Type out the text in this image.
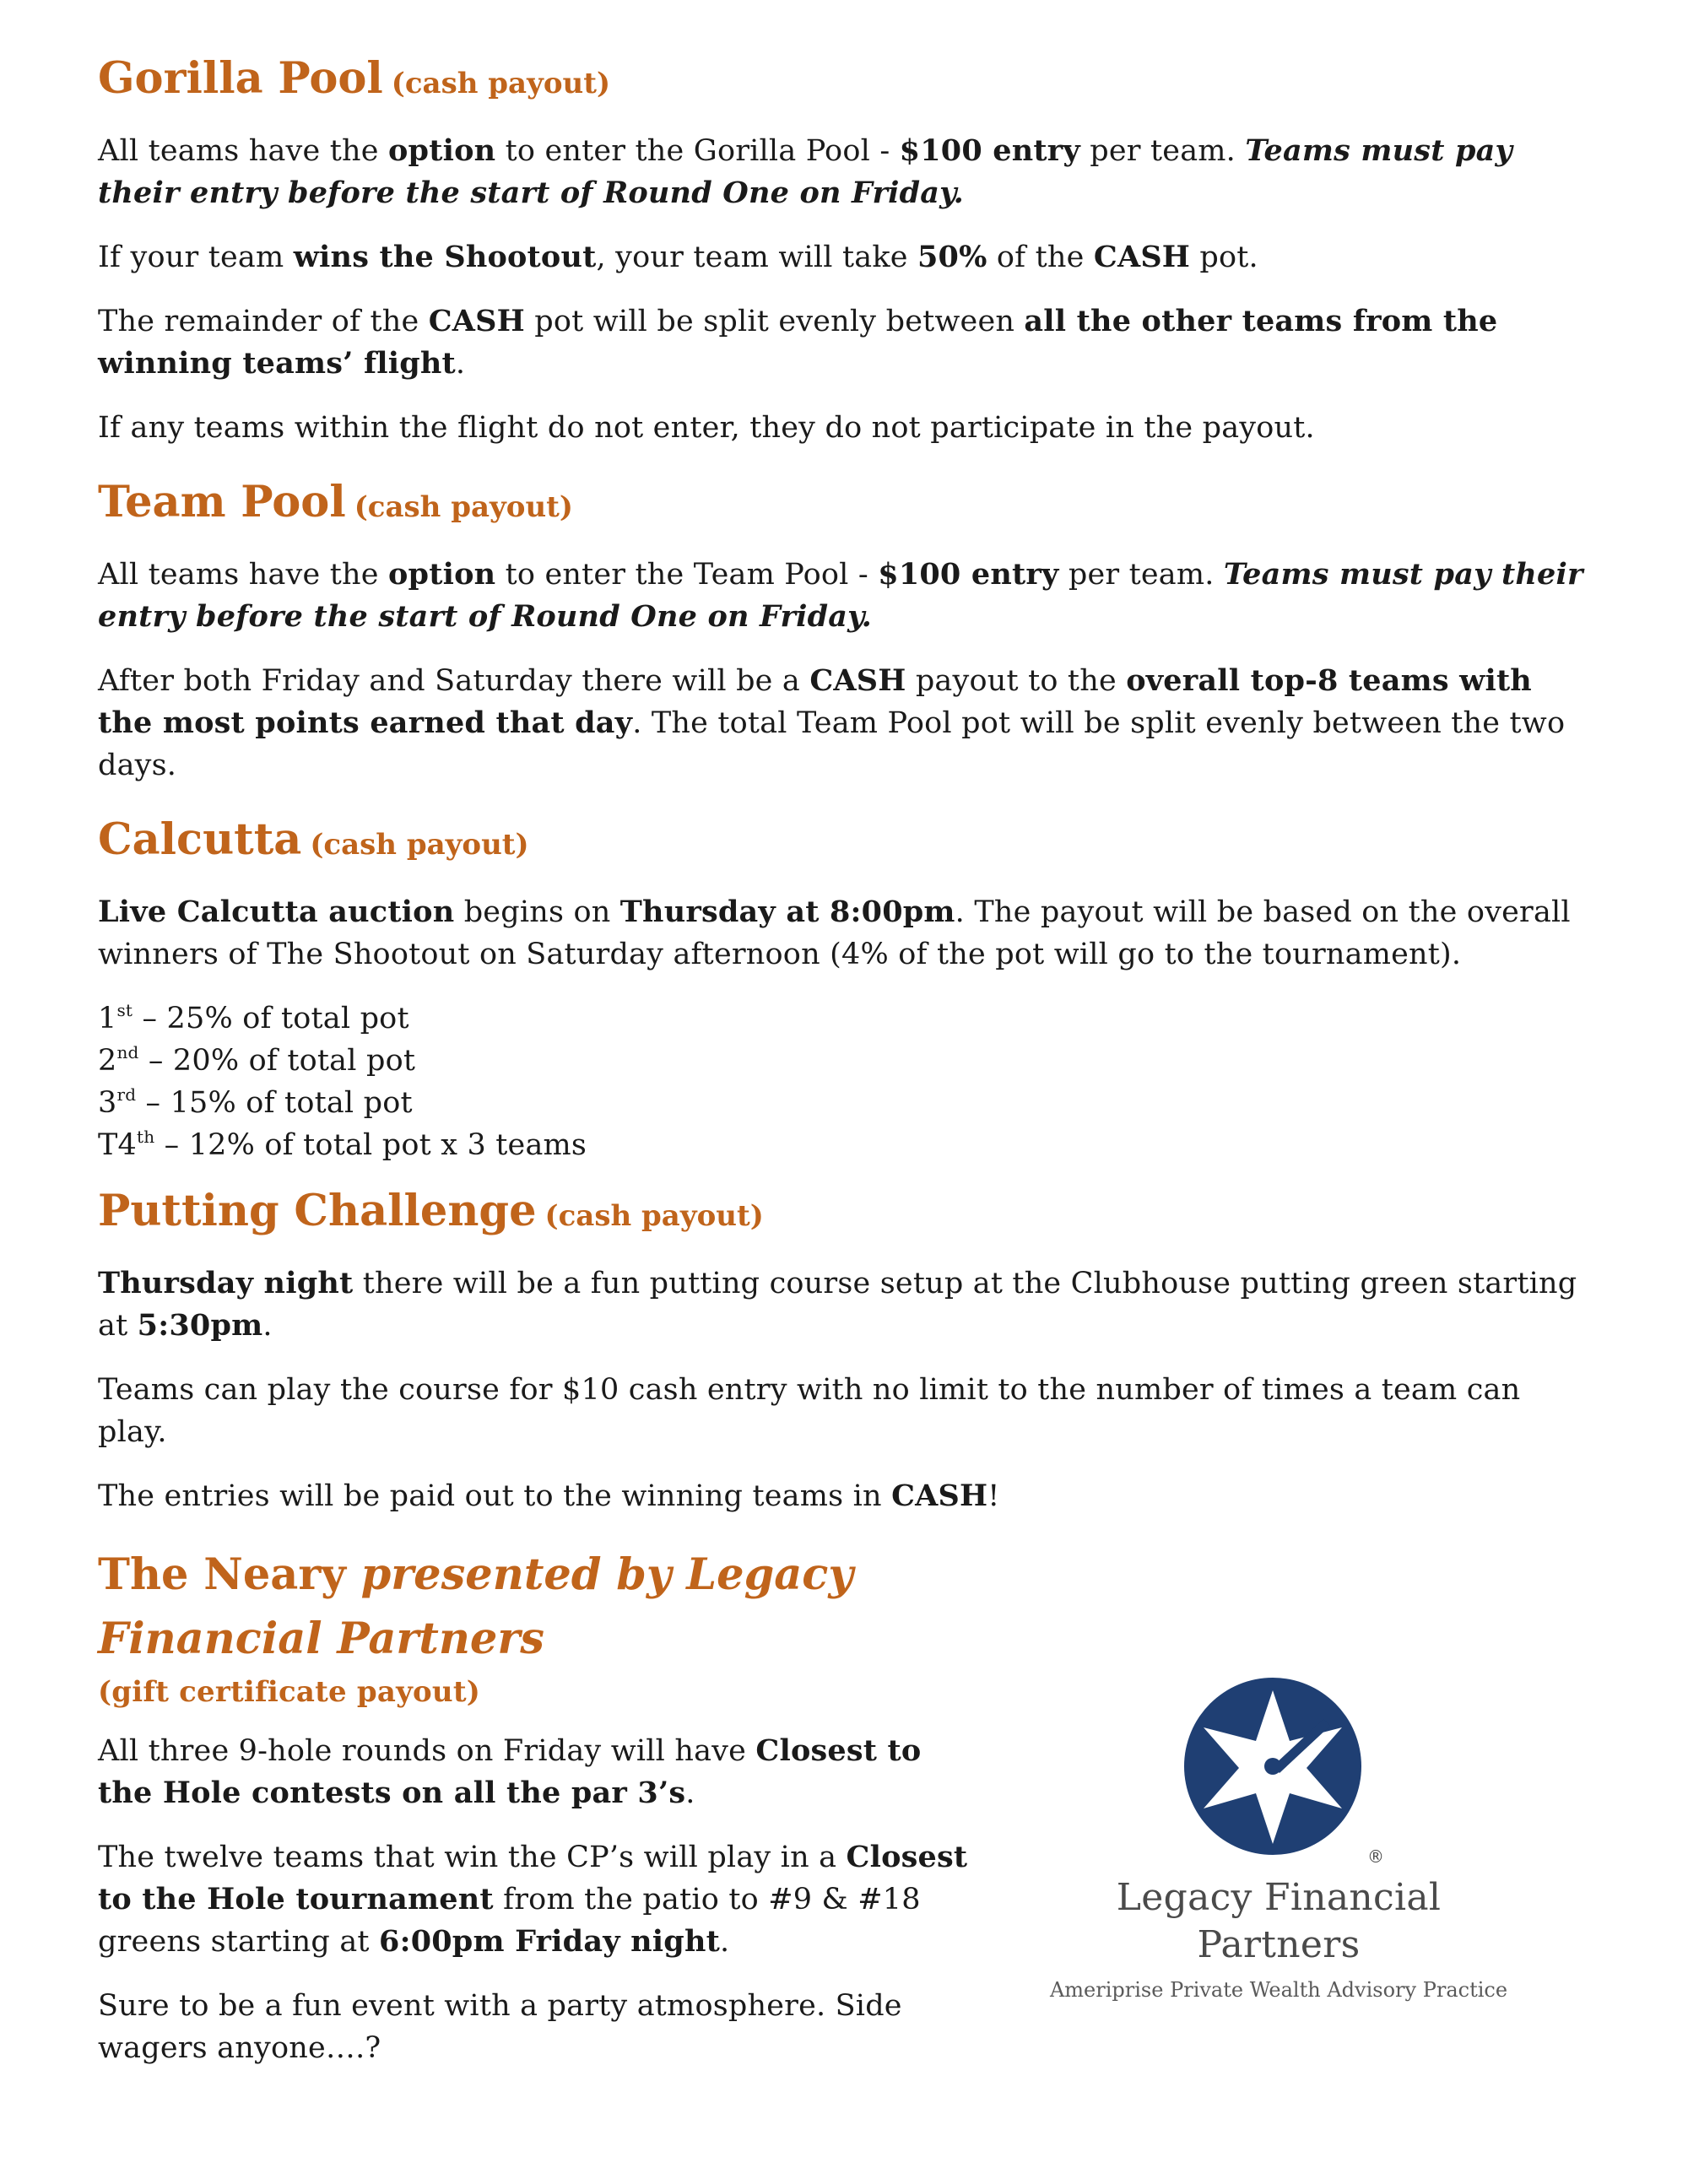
Gorilla Pool (cash payout)

All teams have the option to enter the Gorilla Pool - $100 entry per team. Teams must pay their entry before the start of Round One on Friday.

If your team wins the Shootout, your team will take 50% of the CASH pot.

The remainder of the CASH pot will be split evenly between all the other teams from the winning teams’ flight.

If any teams within the flight do not enter, they do not participate in the payout.

Team Pool (cash payout)

All teams have the option to enter the Team Pool - $100 entry per team. Teams must pay their entry before the start of Round One on Friday.

After both Friday and Saturday there will be a CASH payout to the overall top-8 teams with the most points earned that day. The total Team Pool pot will be split evenly between the two days.

Calcutta (cash payout)

Live Calcutta auction begins on Thursday at 8:00pm. The payout will be based on the overall winners of The Shootout on Saturday afternoon (4% of the pot will go to the tournament).

1st – 25% of total pot

2nd – 20% of total pot

3rd – 15% of total pot

T4th – 12% of total pot x 3 teams

Putting Challenge (cash payout)

Thursday night there will be a fun putting course setup at the Clubhouse putting green starting at 5:30pm.

Teams can play the course for $10 cash entry with no limit to the number of times a team can play.

The entries will be paid out to the winning teams in CASH!

The Neary presented by Legacy Financial Partners

(gift certificate payout)

All three 9-hole rounds on Friday will have Closest to the Hole contests on all the par 3’s.

The twelve teams that win the CP’s will play in a Closest to the Hole tournament from the patio to #9 & #18 greens starting at 6:00pm Friday night.

Sure to be a fun event with a party atmosphere. Side wagers anyone….?

®
Legacy Financial Partners
Ameriprise Private Wealth Advisory Practice
